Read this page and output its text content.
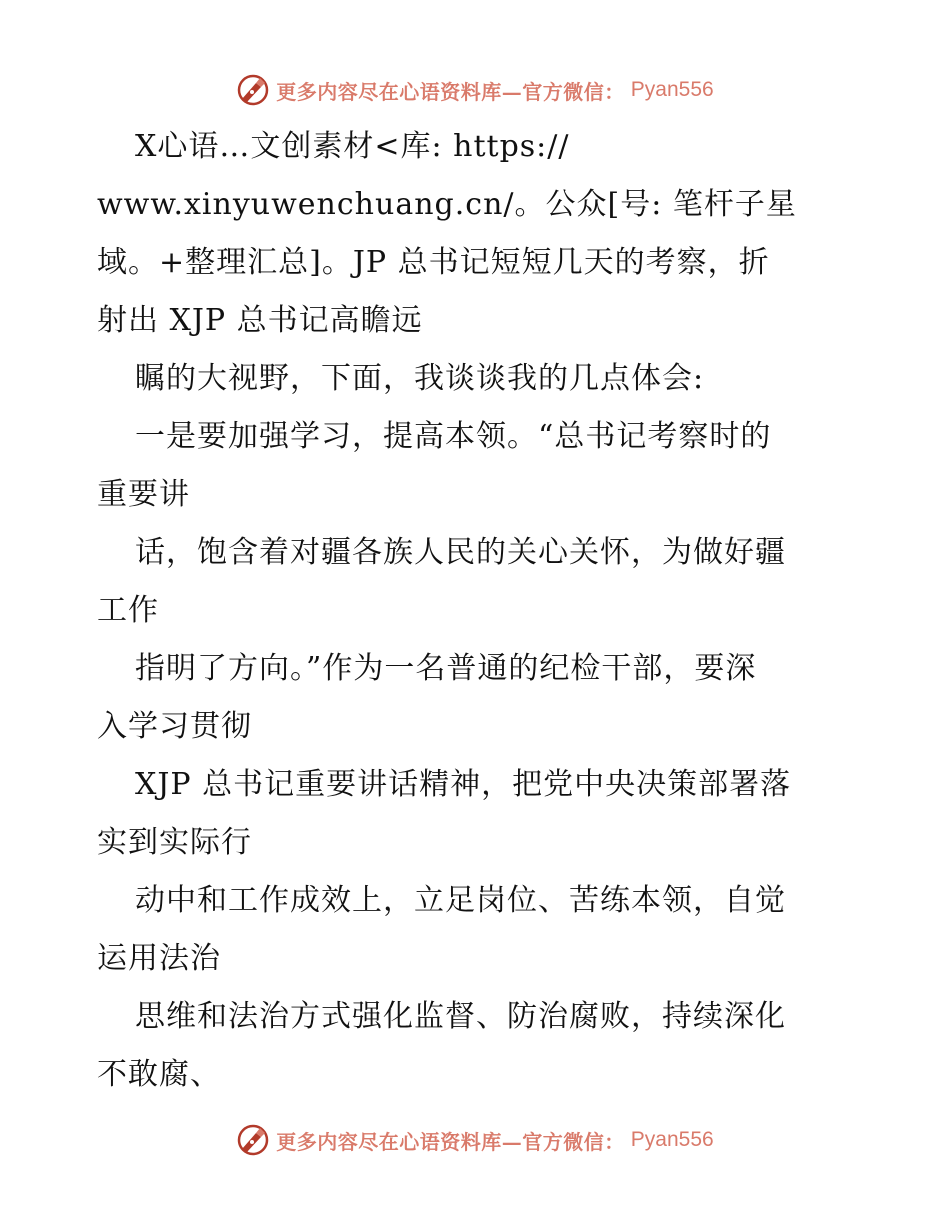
更多内容尽在心语资料库—官方微信： Pyan556
X心语…文创素材<库: https://
www.xinyuwenchuang.cn/。公众[号: 笔杆子星
域。+整理汇总]。JP 总书记短短几天的考察，折
射出 XJP 总书记高瞻远
瞩的大视野，下面，我谈谈我的几点体会:
一是要加强学习，提高本领。“总书记考察时的
重要讲
话，饱含着对疆各族人民的关心关怀，为做好疆
工作
指明了方向。”作为一名普通的纪检干部，要深
入学习贯彻
XJP 总书记重要讲话精神，把党中央决策部署落
实到实际行
动中和工作成效上，立足岗位、苦练本领，自觉
运用法治
思维和法治方式强化监督、防治腐败，持续深化
不敢腐、
更多内容尽在心语资料库—官方微信： Pyan556
